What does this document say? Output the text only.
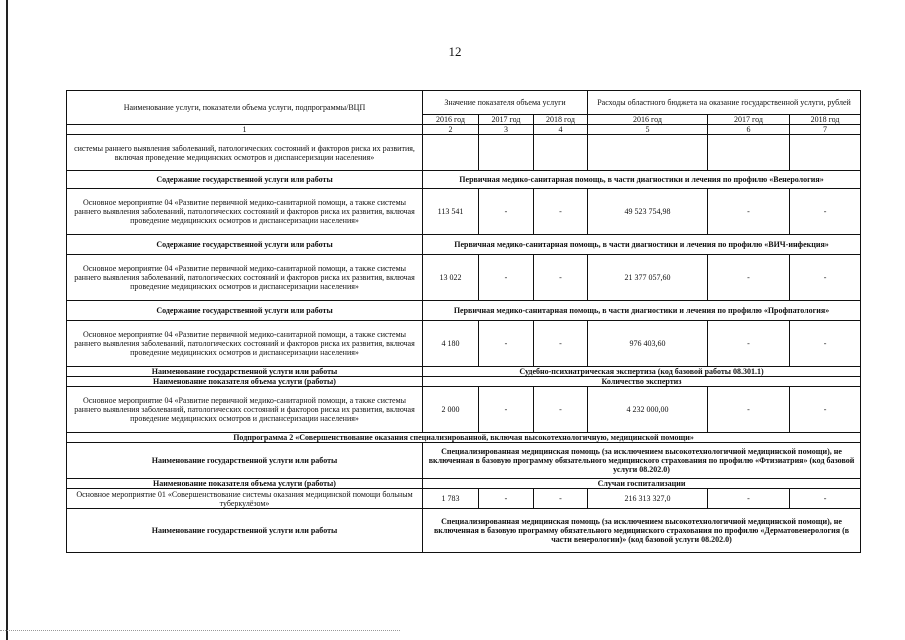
12
Наименование услуги, показатели объема услуги, подпрограммы/ВЦП	Значение показателя объема услуги			Расходы областного бюджета на оказание государственной услуги, рублей		
	2016 год	2017 год	2018 год	2016 год	2017 год	2018 год
1	2	3	4	5	6	7
системы раннего выявления заболеваний, патологических состояний и факторов риска их развития, включая проведение медицинских осмотров и диспансеризации населения»						
Содержание государственной услуги или работы	Первичная медико-санитарная помощь, в части диагностики и лечения по профилю «Венерология»					
Основное мероприятие 04 «Развитие первичной медико-санитарной помощи, а также системы раннего выявления заболеваний, патологических состояний и факторов риска их развития, включая проведение медицинских осмотров и диспансеризации населения»	113 541	-	-	49 523 754,98	-	-
Содержание государственной услуги или работы	Первичная медико-санитарная помощь, в части диагностики и лечения по профилю «ВИЧ-инфекция»					
Основное мероприятие 04 «Развитие первичной медико-санитарной помощи, а также системы раннего выявления заболеваний, патологических состояний и факторов риска их развития, включая проведение медицинских осмотров и диспансеризации населения»	13 022	-	-	21 377 057,60	-	-
Содержание государственной услуги или работы	Первичная медико-санитарная помощь, в части диагностики и лечения по профилю «Профпатология»					
Основное мероприятие 04 «Развитие первичной медико-санитарной помощи, а также системы раннего выявления заболеваний, патологических состояний и факторов риска их развития, включая проведение медицинских осмотров и диспансеризации населения»	4 180	-	-	976 403,60	-	-
Наименование государственной услуги или работы	Судебно-психиатрическая экспертиза (код базовой работы 08.301.1)					
Наименование показателя объема услуги (работы)	Количество экспертиз					
Основное мероприятие 04 «Развитие первичной медико-санитарной помощи, а также системы раннего выявления заболеваний, патологических состояний и факторов риска их развития, включая проведение медицинских осмотров и диспансеризации населения»	2 000	-	-	4 232 000,00	-	-
Подпрограмма 2 «Совершенствование оказания специализированной, включая высокотехнологичную, медицинской помощи»						
Наименование государственной услуги или работы	Специализированная медицинская помощь (за исключением высокотехнологичной медицинской помощи), не включенная в базовую программу обязательного медицинского страхования по профилю «Фтизиатрия» (код базовой услуги 08.202.0)					
Наименование показателя объема услуги (работы)	Случаи госпитализации					
Основное мероприятие 01 «Совершенствование системы оказания медицинской помощи больным туберкулёзом»	1 783	-	-	216 313 327,0	-	-
Наименование государственной услуги или работы	Специализированная медицинская помощь (за исключением высокотехнологичной медицинской помощи), не включенная в базовую программу обязательного медицинского страхования по профилю «Дерматовенерология (в части венерологии)» (код базовой услуги 08.202.0)					
